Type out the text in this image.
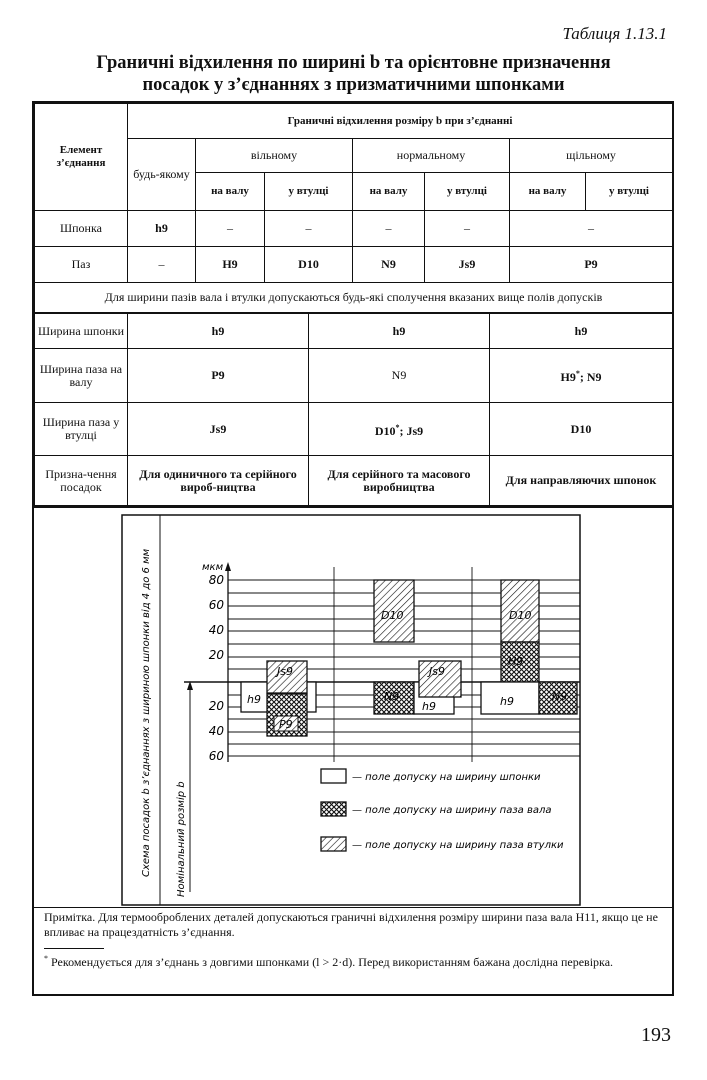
Таблиця 1.13.1
Граничні відхилення по ширині b та орієнтовне призначення
посадок у з’єднаннях з призматичними шпонками
Елемент з’єднання	Граничні відхилення розміру b при з’єднанні						
	будь-якому	вільному		нормальному		щільному	
		на валу	у втулці	на валу	у втулці	на валу	у втулці
Шпонка	h9	–	–	–	–	–	
Паз	–	H9	D10	N9	Js9	P9	
Для ширини пазів вала і втулки допускаються будь-які сполучення вказаних вище полів допусків							
Ширина шпонки	h9	h9	h9
Ширина паза на валу	P9	N9	H9*; N9
Ширина паза у втулці	Js9	D10*; Js9	D10
Призна-чення посадок	Для одиничного та серійного вироб-ництва	Для серійного та масового виробництва	Для направляючих шпонок
Схема посадок b з’єднаннях з шириною шпонки від 4 до 6 мм Номінальний розмір b
мкм
80
60
40
20
20
40
60
h9
Js9
P9
D10
N9
Js9
h9
D10
H9
h9	N9
— поле допуску на ширину шпонки
— поле допуску на ширину паза вала
— поле допуску на ширину паза втулки

Примітка. Для термооброблених деталей допускаються граничні відхилення розміру ширини паза вала H11, якщо це не впливає на працездатність з’єднання.

* Рекомендується для з’єднань з довгими шпонками (l > 2·d). Перед використанням бажана дослідна перевірка.

193
